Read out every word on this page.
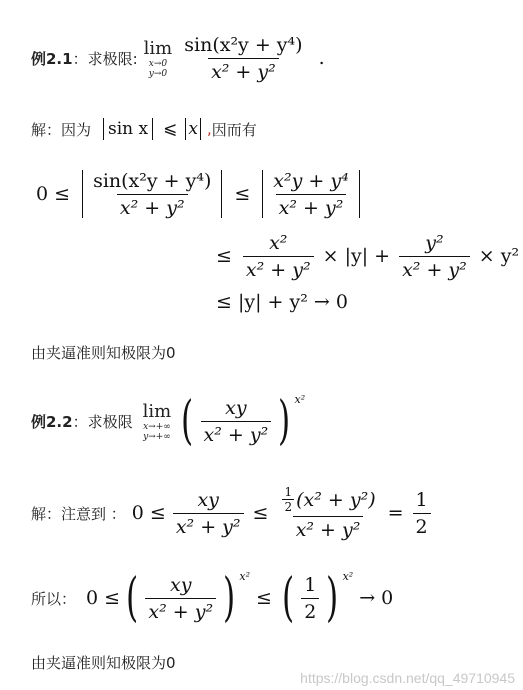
例2.1 ： 求极限: lim
x→0
$y\to 0 \frac{\text{sin(x²y + y⁴)}}{\text{x² + y²}}$ .
解：因为 sin x ⩽ x , 因而有
$0 \le \frac{\text{sin(x²y + y⁴)}}{\text{x² + y²}} \le \frac{\text{x²y + y⁴}}{\text{x² + y²}}$
≤ $\frac{\text{x²}}{\text{x² + y²}} \times |y| + \frac{\text{y²}}{\text{x² + y²}} \times y^2$
≤ |y| + y² → 0
由夹逼准则知极限为0
例2.2 ： 求极限 lim
x→+∞
y→+∞ ( $\frac{xy}{\text{x² + y²}}$ ) x²
解：注意到 ： $0 \le \frac{xy}{\text{x² + y²}} \le \frac{\frac{1}{2} (x^2 + y^2)}{\text{x² + y²}} = \frac{1}{2}$
所以： 0 ≤ ( $\frac{xy}{\text{x² + y²}}$ ) x²
≤ ( $\frac{1}{2}$ ) x²
→ 0
由夹逼准则知极限为0
https://blog.csdn.net/qq_49710945
